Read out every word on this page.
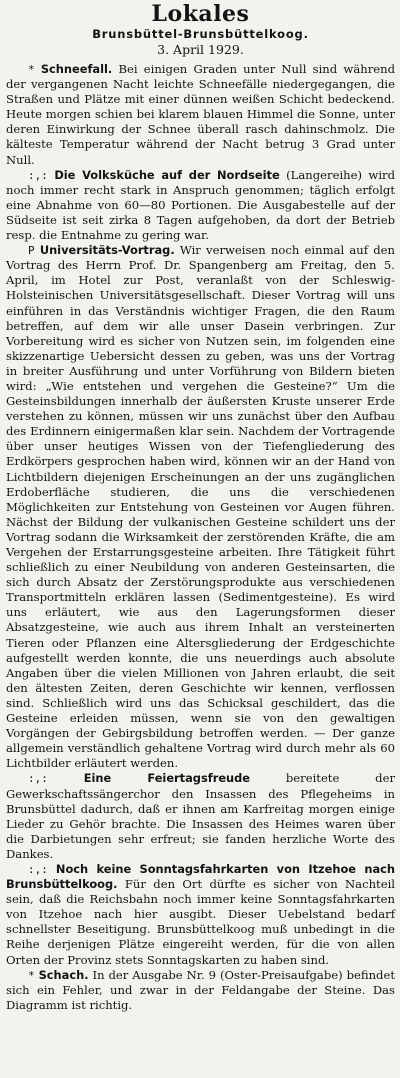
Lokales
Brunsbüttel-Brunsbüttelkoog.
3. April 1929.

* Schneefall. Bei einigen Graden unter Null sind während der vergangenen Nacht leichte Schneefälle niedergegangen, die Straßen und Plätze mit einer dünnen weißen Schicht bedeckend. Heute morgen schien bei klarem blauen Himmel die Sonne, unter deren Einwirkung der Schnee überall rasch dahinschmolz. Die kälteste Temperatur während der Nacht betrug 3 Grad unter Null.

:,: Die Volksküche auf der Nordseite (Langereihe) wird noch immer recht stark in Anspruch genommen; täglich erfolgt eine Abnahme von 60—80 Portionen. Die Ausgabestelle auf der Südseite ist seit zirka 8 Tagen aufgehoben, da dort der Betrieb resp. die Entnahme zu gering war.

P Universitäts-Vortrag. Wir verweisen noch einmal auf den Vortrag des Herrn Prof. Dr. Spangenberg am Freitag, den 5. April, im Hotel zur Post, veranlaßt von der Schleswig-Holsteinischen Universitätsgesellschaft. Dieser Vortrag will uns einführen in das Verständnis wichtiger Fragen, die den Raum betreffen, auf dem wir alle unser Dasein verbringen. Zur Vorbereitung wird es sicher von Nutzen sein, im folgenden eine skizzenartige Uebersicht dessen zu geben, was uns der Vortrag in breiter Ausführung und unter Vorführung von Bildern bieten wird: „Wie entstehen und vergehen die Gesteine?“ Um die Gesteinsbildungen innerhalb der äußersten Kruste unserer Erde verstehen zu können, müssen wir uns zunächst über den Aufbau des Erdinnern einigermaßen klar sein. Nachdem der Vortragende über unser heutiges Wissen von der Tiefengliederung des Erdkörpers gesprochen haben wird, können wir an der Hand von Lichtbildern diejenigen Erscheinungen an der uns zugänglichen Erdoberfläche studieren, die uns die verschiedenen Möglichkeiten zur Entstehung von Gesteinen vor Augen führen. Nächst der Bildung der vulkanischen Gesteine schildert uns der Vortrag sodann die Wirksamkeit der zerstörenden Kräfte, die am Vergehen der Erstarrungsgesteine arbeiten. Ihre Tätigkeit führt schließlich zu einer Neubildung von anderen Gesteinsarten, die sich durch Absatz der Zerstörungsprodukte aus verschiedenen Transportmitteln erklären lassen (Sedimentgesteine). Es wird uns erläutert, wie aus den Lagerungsformen dieser Absatzgesteine, wie auch aus ihrem Inhalt an versteinerten Tieren oder Pflanzen eine Altersgliederung der Erdgeschichte aufgestellt werden konnte, die uns neuerdings auch absolute Angaben über die vielen Millionen von Jahren erlaubt, die seit den ältesten Zeiten, deren Geschichte wir kennen, verflossen sind. Schließlich wird uns das Schicksal geschildert, das die Gesteine erleiden müssen, wenn sie von den gewaltigen Vorgängen der Gebirgsbildung betroffen werden. — Der ganze allgemein verständlich gehaltene Vortrag wird durch mehr als 60 Lichtbilder erläutert werden.

:,:	Eine Feiertagsfreude	bereitete der Gewerkschaftssängerchor den Insassen des Pflegeheims in Brunsbüttel dadurch, daß er ihnen am Karfreitag morgen einige Lieder zu Gehör brachte. Die Insassen des Heimes waren über die Darbietungen sehr erfreut; sie fanden herzliche Worte des Dankes.

:,: Noch keine Sonntagsfahrkarten von Itzehoe nach Brunsbüttelkoog. Für den Ort dürfte es sicher von Nachteil sein, daß die Reichsbahn noch immer keine Sonntagsfahrkarten von Itzehoe nach hier ausgibt. Dieser Uebelstand bedarf schnellster Beseitigung. Brunsbüttelkoog muß unbedingt in die Reihe derjenigen Plätze eingereiht werden, für die von allen Orten der Provinz stets Sonntagskarten zu haben sind.

* Schach. In der Ausgabe Nr. 9 (Oster-Preisaufgabe) befindet sich ein Fehler, und zwar in der Feldangabe der Steine. Das Diagramm ist richtig.
